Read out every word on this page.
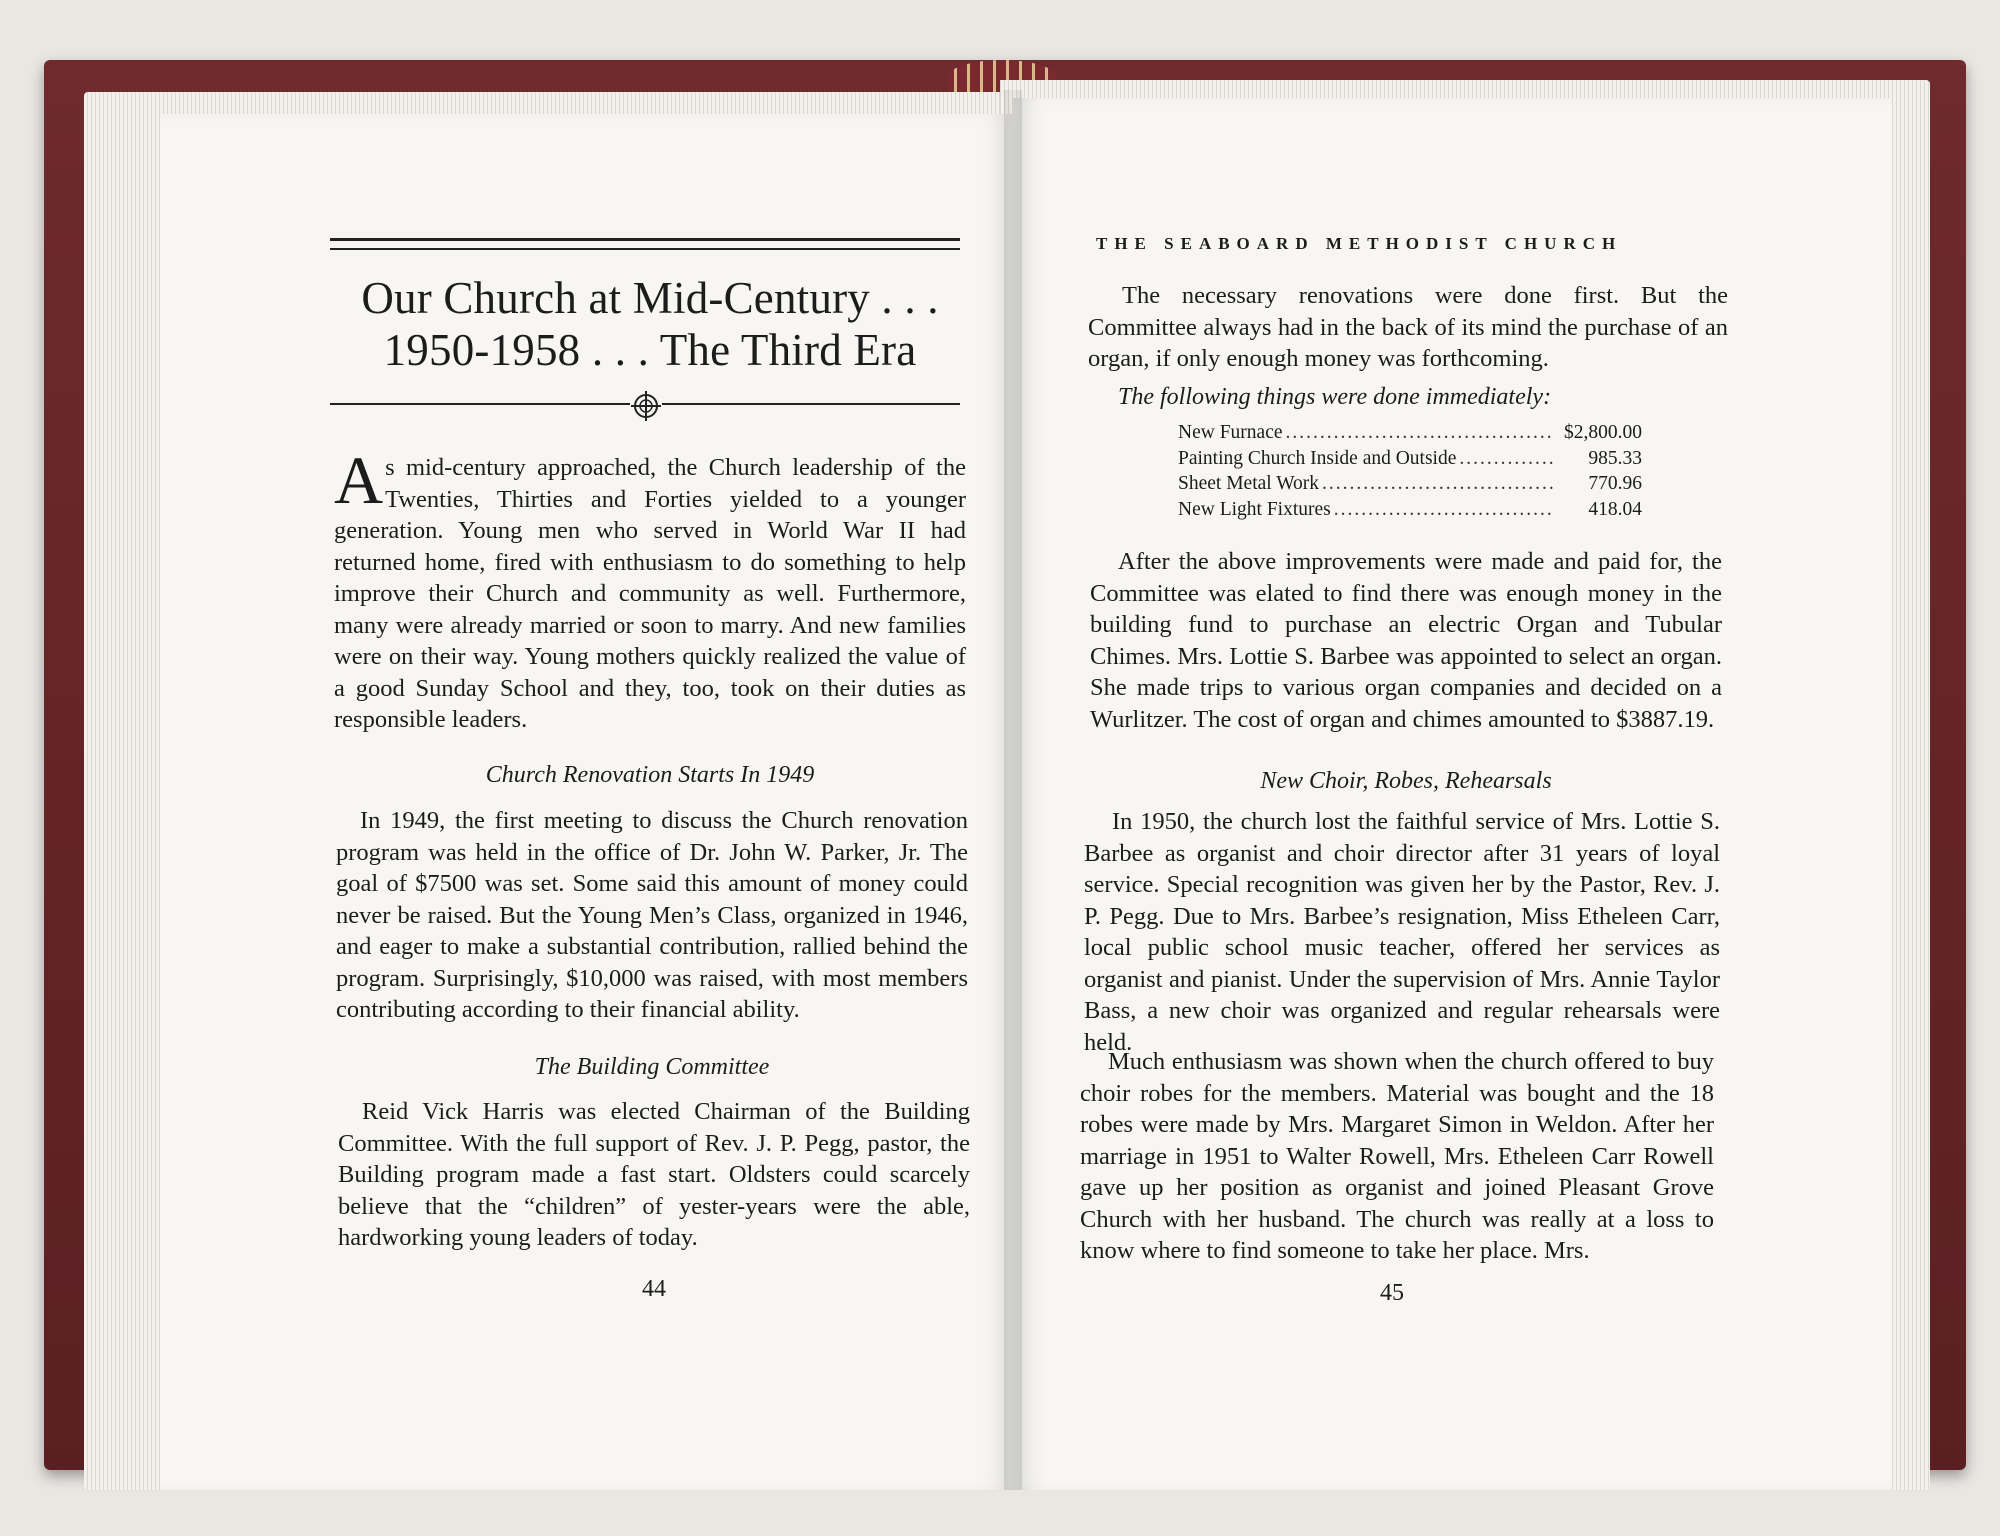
Our Church at Mid-Century . . .
1950-1958 . . . The Third Era

As mid-century approached, the Church leadership of the Twenties, Thirties and Forties yielded to a younger generation. Young men who served in World War II had returned home, fired with enthusiasm to do something to help improve their Church and community as well. Furthermore, many were already married or soon to marry. And new families were on their way. Young mothers quickly realized the value of a good Sunday School and they, too, took on their duties as responsible leaders.

Church Renovation Starts In 1949

In 1949, the first meeting to discuss the Church renovation program was held in the office of Dr. John W. Parker, Jr. The goal of $7500 was set. Some said this amount of money could never be raised. But the Young Men’s Class, organized in 1946, and eager to make a substantial contribution, rallied behind the program. Surprisingly, $10,000 was raised, with most members contributing according to their financial ability.

The Building Committee

Reid Vick Harris was elected Chairman of the Building Committee. With the full support of Rev. J. P. Pegg, pastor, the Building program made a fast start. Oldsters could scarcely believe that the “children” of yester-years were the able, hardworking young leaders of today.

44
THE SEABOARD METHODIST CHURCH

The necessary renovations were done first. But the Committee always had in the back of its mind the purchase of an organ, if only enough money was forthcoming.

The following things were done immediately:

New Furnace .....	$2,800.00
Painting Church Inside and Outside .....	985.33
Sheet Metal Work .....	770.96
New Light Fixtures .....	418.04

After the above improvements were made and paid for, the Committee was elated to find there was enough money in the building fund to purchase an electric Organ and Tubular Chimes. Mrs. Lottie S. Barbee was appointed to select an organ. She made trips to various organ companies and decided on a Wurlitzer. The cost of organ and chimes amounted to $3887.19.

New Choir, Robes, Rehearsals

In 1950, the church lost the faithful service of Mrs. Lottie S. Barbee as organist and choir director after 31 years of loyal service. Special recognition was given her by the Pastor, Rev. J. P. Pegg. Due to Mrs. Barbee’s resignation, Miss Etheleen Carr, local public school music teacher, offered her services as organist and pianist. Under the supervision of Mrs. Annie Taylor Bass, a new choir was organized and regular rehearsals were held.

Much enthusiasm was shown when the church offered to buy choir robes for the members. Material was bought and the 18 robes were made by Mrs. Margaret Simon in Weldon. After her marriage in 1951 to Walter Rowell, Mrs. Etheleen Carr Rowell gave up her position as organist and joined Pleasant Grove Church with her husband. The church was really at a loss to know where to find someone to take her place. Mrs.

45
